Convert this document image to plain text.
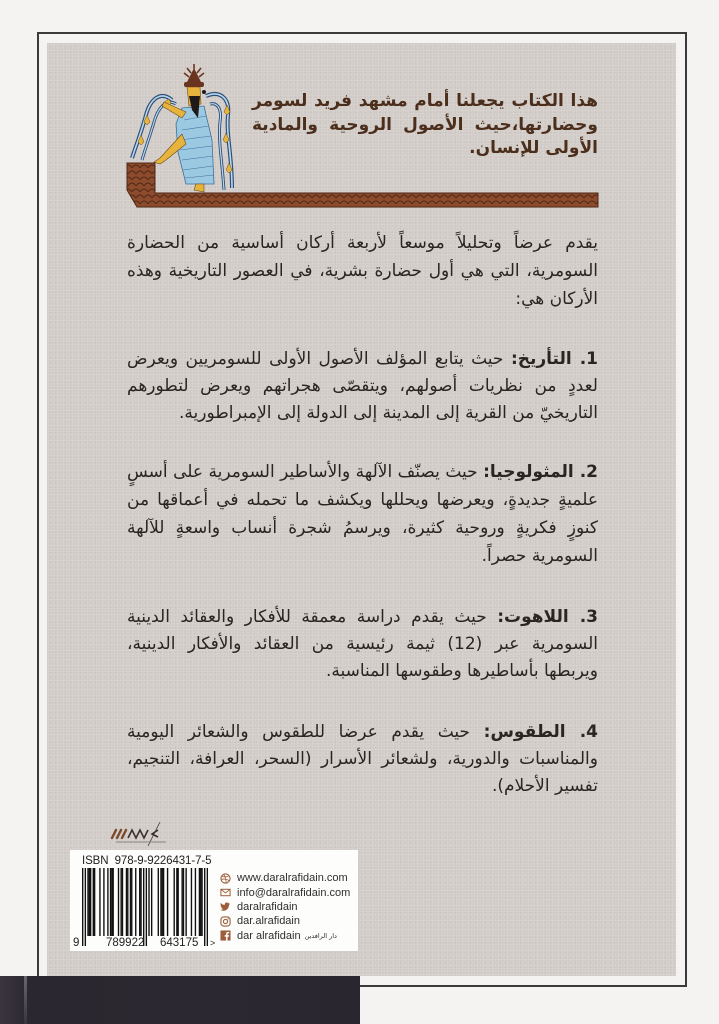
هذا الكتاب يجعلنا أمام مشهد فريد لسومر
وحضارتها،حيث الأصول الروحية والمادية
الأولى للإنسان.
يقدم عرضاً وتحليلاً موسعاً لأربعة أركان أساسية من الحضارة
السومرية، التي هي أول حضارة بشرية، في العصور التاريخية وهذه
الأركان هي:
1. التأريخ: حيث يتابع المؤلف الأصول الأولى للسومريين ويعرض
لعددٍ من نظريات أصولهم، ويتقصّى هجراتهم ويعرض لتطورهم
التاريخيّ من القرية إلى المدينة إلى الدولة إلى الإمبراطورية.
2. المثولوجيا: حيث يصنّف الآلهة والأساطير السومرية على أسسٍ
علميةٍ جديدةٍ، ويعرضها ويحللها ويكشف ما تحمله في أعماقها من
كنوزٍ فكريةٍ وروحية كثيرة، ويرسمُ شجرة أنساب واسعةٍ للآلهة
السومرية حصراً.
3. اللاهوت: حيث يقدم دراسة معمقة للأفكار والعقائد الدينية
السومرية عبر (12) ثيمة رئيسية من العقائد والأفكار الدينية،
ويربطها بأساطيرها وطقوسها المناسبة.
4. الطقوس: حيث يقدم عرضا للطقوس والشعائر اليومية
والمناسبات والدورية، ولشعائر الأسرار (السحر، العرافة، التنجيم،
تفسير الأحلام).
ISBN  978-9-9226431-7-5
9 789922 643175 >
www.daralrafidain.com
info@daralrafidain.com
daralrafidain
dar.alrafidain
dar alrafidain دار الرافدين
